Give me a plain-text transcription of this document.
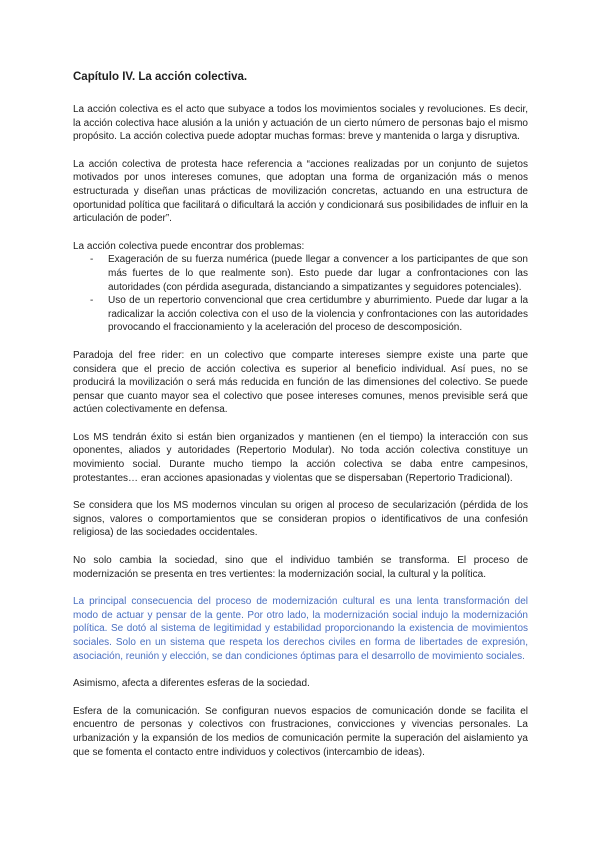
Capítulo IV. La acción colectiva.

La acción colectiva es el acto que subyace a todos los movimientos sociales y revoluciones. Es decir, la acción colectiva hace alusión a la unión y actuación de un cierto número de personas bajo el mismo propósito. La acción colectiva puede adoptar muchas formas: breve y mantenida o larga y disruptiva.

La acción colectiva de protesta hace referencia a “acciones realizadas por un conjunto de sujetos motivados por unos intereses comunes, que adoptan una forma de organización más o menos estructurada y diseñan unas prácticas de movilización concretas, actuando en una estructura de oportunidad política que facilitará o dificultará la acción y condicionará sus posibilidades de influir en la articulación de poder”.

La acción colectiva puede encontrar dos problemas:

- Exageración de su fuerza numérica (puede llegar a convencer a los participantes de que son más fuertes de lo que realmente son). Esto puede dar lugar a confrontaciones con las autoridades (con pérdida asegurada, distanciando a simpatizantes y seguidores potenciales).
- Uso de un repertorio convencional que crea certidumbre y aburrimiento. Puede dar lugar a la radicalizar la acción colectiva con el uso de la violencia y confrontaciones con las autoridades provocando el fraccionamiento y la aceleración del proceso de descomposición.

Paradoja del free rider: en un colectivo que comparte intereses siempre existe una parte que considera que el precio de acción colectiva es superior al beneficio individual. Así pues, no se producirá la movilización o será más reducida en función de las dimensiones del colectivo. Se puede pensar que cuanto mayor sea el colectivo que posee intereses comunes, menos previsible será que actúen colectivamente en defensa.

Los MS tendrán éxito si están bien organizados y mantienen (en el tiempo) la interacción con sus oponentes, aliados y autoridades (Repertorio Modular). No toda acción colectiva constituye un movimiento social. Durante mucho tiempo la acción colectiva se daba entre campesinos, protestantes… eran acciones apasionadas y violentas que se dispersaban (Repertorio Tradicional).

Se considera que los MS modernos vinculan su origen al proceso de secularización (pérdida de los signos, valores o comportamientos que se consideran propios o identificativos de una confesión religiosa) de las sociedades occidentales.

No solo cambia la sociedad, sino que el individuo también se transforma. El proceso de modernización se presenta en tres vertientes: la modernización social, la cultural y la política.

La principal consecuencia del proceso de modernización cultural es una lenta transformación del modo de actuar y pensar de la gente. Por otro lado, la modernización social indujo la modernización política. Se dotó al sistema de legitimidad y estabilidad proporcionando la existencia de movimientos sociales. Solo en un sistema que respeta los derechos civiles en forma de libertades de expresión, asociación, reunión y elección, se dan condiciones óptimas para el desarrollo de movimiento sociales.

Asimismo, afecta a diferentes esferas de la sociedad.

Esfera de la comunicación. Se configuran nuevos espacios de comunicación donde se facilita el encuentro de personas y colectivos con frustraciones, convicciones y vivencias personales. La urbanización y la expansión de los medios de comunicación permite la superación del aislamiento ya que se fomenta el contacto entre individuos y colectivos (intercambio de ideas).
